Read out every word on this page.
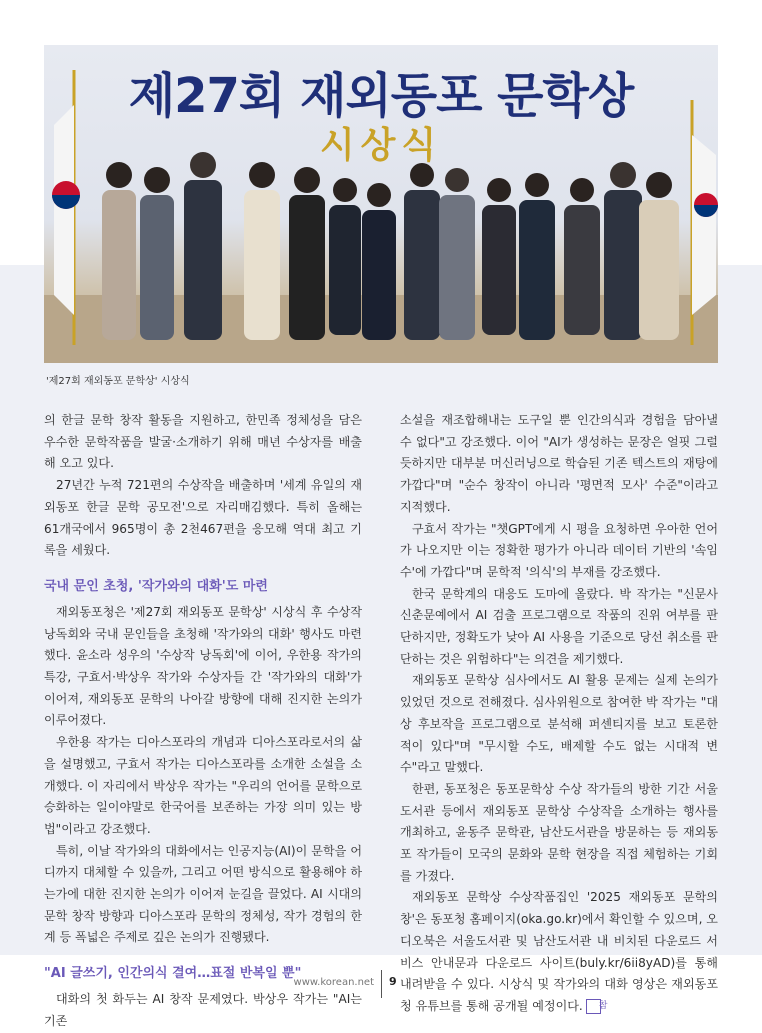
제27회 재외동포 문학상
시상식
'제27회 재외동포 문학상' 시상식

의 한글 문학 창작 활동을 지원하고, 한민족 정체성을 담은 우수한 문학작품을 발굴·소개하기 위해 매년 수상자를 배출해 오고 있다.

27년간 누적 721편의 수상작을 배출하며 '세계 유일의 재외동포 한글 문학 공모전'으로 자리매김했다. 특히 올해는 61개국에서 965명이 총 2천467편을 응모해 역대 최고 기록을 세웠다.

국내 문인 초청, '작가와의 대화'도 마련

재외동포청은 '제27회 재외동포 문학상' 시상식 후 수상작 낭독회와 국내 문인들을 초청해 '작가와의 대화' 행사도 마련했다. 윤소라 성우의 '수상작 낭독회'에 이어, 우한용 작가의 특강, 구효서·박상우 작가와 수상자들 간 '작가와의 대화'가 이어져, 재외동포 문학의 나아갈 방향에 대해 진지한 논의가 이루어졌다.

우한용 작가는 디아스포라의 개념과 디아스포라로서의 삶을 설명했고, 구효서 작가는 디아스포라를 소개한 소설을 소개했다. 이 자리에서 박상우 작가는 "우리의 언어를 문학으로 승화하는 일이야말로 한국어를 보존하는 가장 의미 있는 방법"이라고 강조했다.

특히, 이날 작가와의 대화에서는 인공지능(AI)이 문학을 어디까지 대체할 수 있을까, 그리고 어떤 방식으로 활용해야 하는가에 대한 진지한 논의가 이어져 눈길을 끌었다. AI 시대의 문학 창작 방향과 디아스포라 문학의 정체성, 작가 경험의 한계 등 폭넓은 주제로 깊은 논의가 진행됐다.

"AI 글쓰기, 인간의식 결여…표절 반복일 뿐"

대화의 첫 화두는 AI 창작 문제였다. 박상우 작가는 "AI는 기존

소설을 재조합해내는 도구일 뿐 인간의식과 경험을 담아낼 수 없다"고 강조했다. 이어 "AI가 생성하는 문장은 얼핏 그럴듯하지만 대부분 머신러닝으로 학습된 기존 텍스트의 재탕에 가깝다"며 "순수 창작이 아니라 '평면적 모사' 수준"이라고 지적했다.

구효서 작가는 "챗GPT에게 시 평을 요청하면 우아한 언어가 나오지만 이는 정확한 평가가 아니라 데이터 기반의 '속임수'에 가깝다"며 문학적 '의식'의 부재를 강조했다.

한국 문학계의 대응도 도마에 올랐다. 박 작가는 "신문사 신춘문예에서 AI 검출 프로그램으로 작품의 진위 여부를 판단하지만, 정확도가 낮아 AI 사용을 기준으로 당선 취소를 판단하는 것은 위험하다"는 의견을 제기했다.

재외동포 문학상 심사에서도 AI 활용 문제는 실제 논의가 있었던 것으로 전해졌다. 심사위원으로 참여한 박 작가는 "대상 후보작을 프로그램으로 분석해 퍼센티지를 보고 토론한 적이 있다"며 "무시할 수도, 배제할 수도 없는 시대적 변수"라고 말했다.

한편, 동포청은 동포문학상 수상 작가들의 방한 기간 서울도서관 등에서 재외동포 문학상 수상작을 소개하는 행사를 개최하고, 윤동주 문학관, 남산도서관을 방문하는 등 재외동포 작가들이 모국의 문화와 문학 현장을 직접 체험하는 기회를 가졌다.

재외동포 문학상 수상작품집인 '2025 재외동포 문학의 창'은 동포청 홈페이지(oka.go.kr)에서 확인할 수 있으며, 오디오북은 서울도서관 및 남산도서관 내 비치된 다운로드 서비스 안내문과 다운로드 사이트(buly.kr/6ii8yAD)를 통해 내려받을 수 있다. 시상식 및 작가와의 대화 영상은 재외동포청 유튜브를 통해 공개될 예정이다. 참

www.korean.net 9
